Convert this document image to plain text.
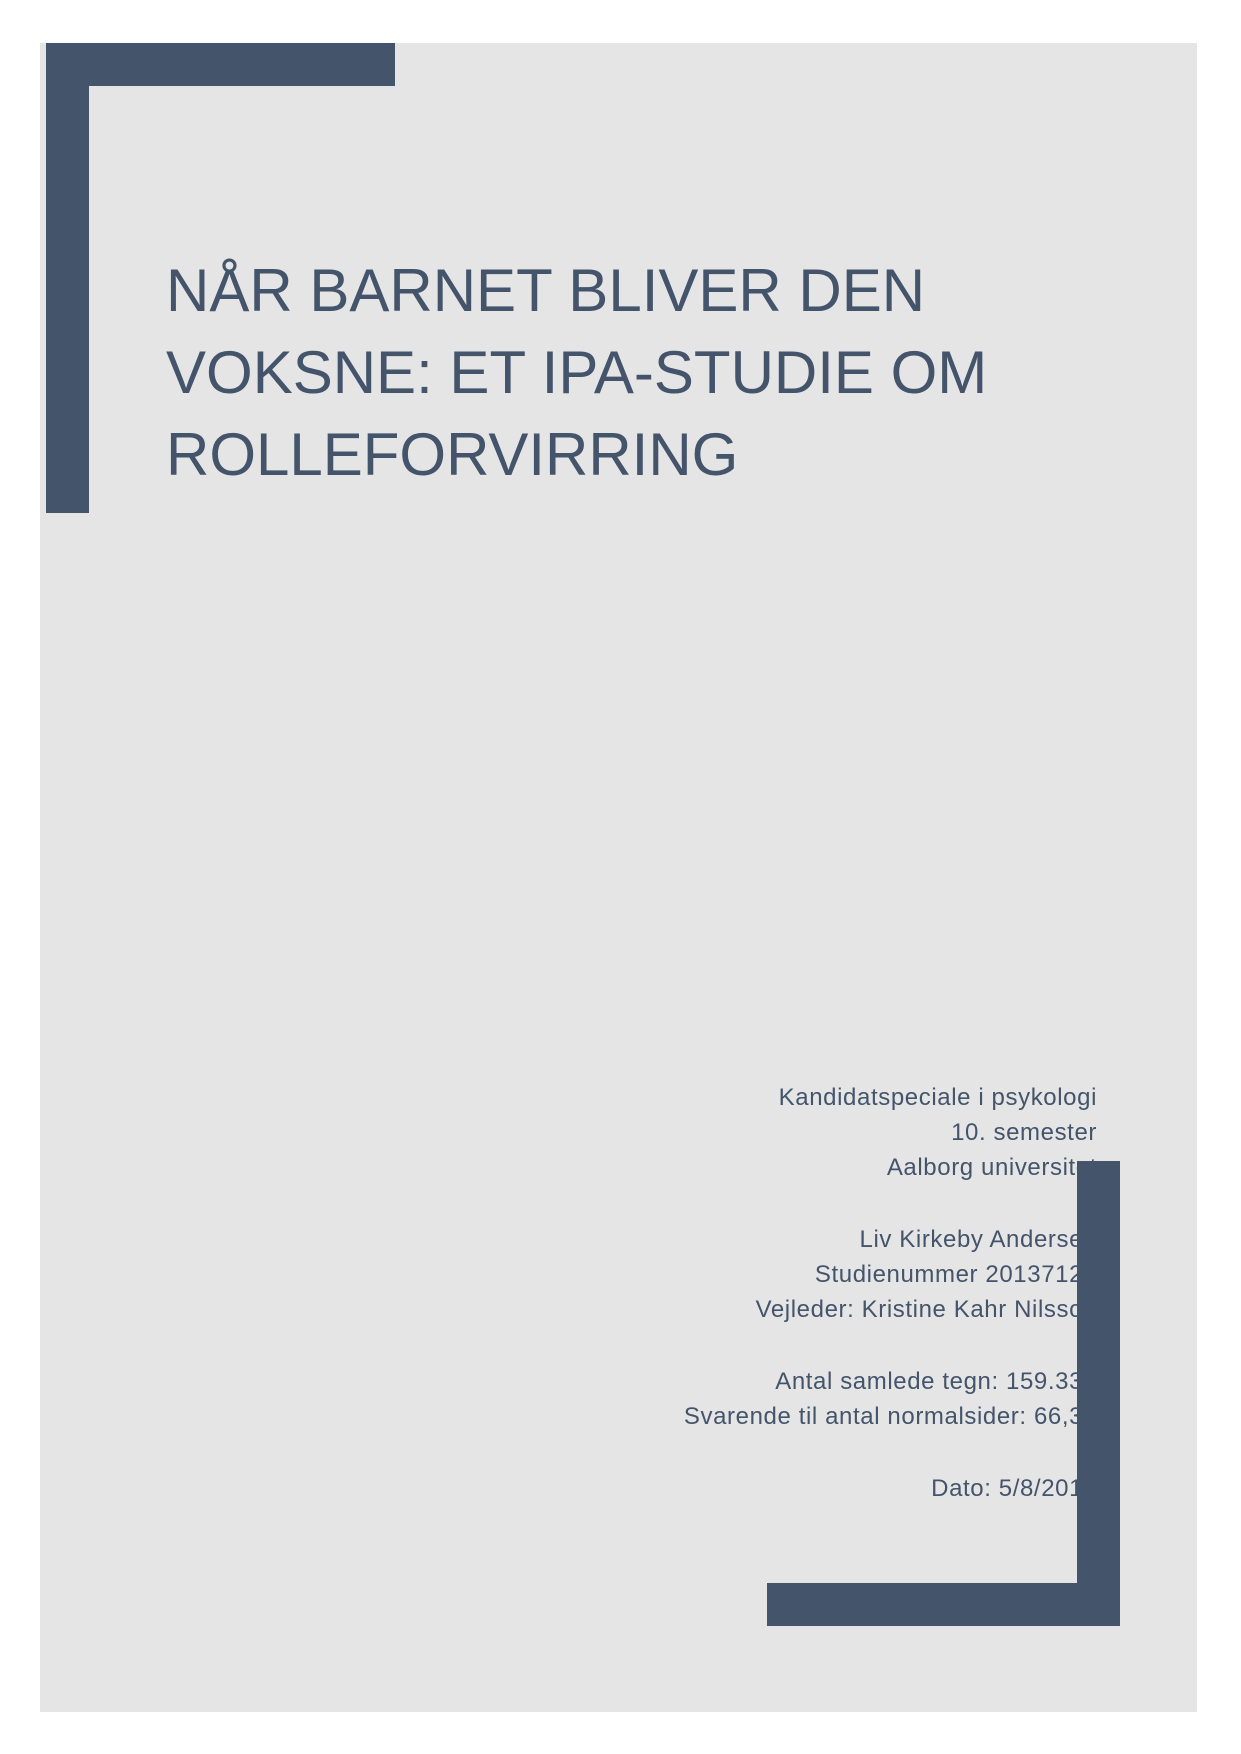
NÅR BARNET BLIVER DEN
VOKSNE: ET IPA-STUDIE OM
ROLLEFORVIRRING
Kandidatspeciale i psykologi
10. semester
Aalborg universitet
Liv Kirkeby Andersen
Studienummer 20137126
Vejleder: Kristine Kahr Nilsson
Antal samlede tegn: 159.337
Svarende til antal normalsider: 66,39
Dato: 5/8/2019
